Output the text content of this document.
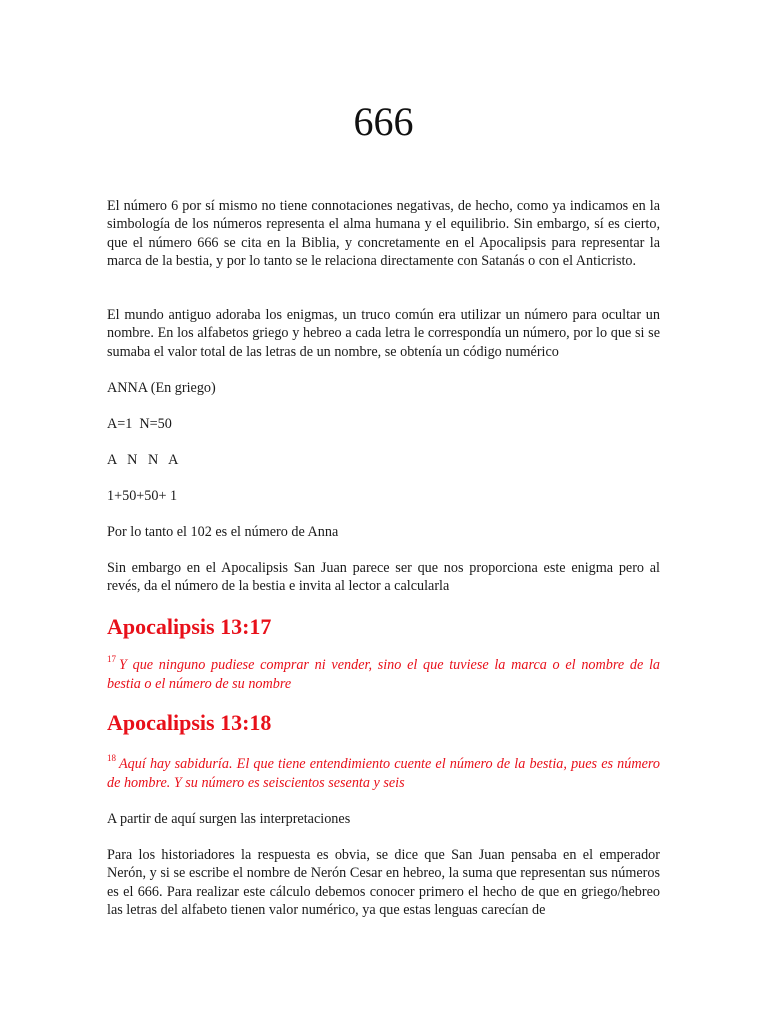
666

El número 6 por sí mismo no tiene connotaciones negativas, de hecho, como ya indicamos en la simbología de los números representa el alma humana y el equilibrio. Sin embargo, sí es cierto, que el número 666 se cita en la Biblia, y concretamente en el Apocalipsis para representar la marca de la bestia, y por lo tanto se le relaciona directamente con Satanás o con el Anticristo.

El mundo antiguo adoraba los enigmas, un truco común era utilizar un número para ocultar un nombre. En los alfabetos griego y hebreo a cada letra le correspondía un número, por lo que si se sumaba el valor total de las letras de un nombre, se obtenía un código numérico

ANNA (En griego)

A=1  N=50

A   N   N   A

1+50+50+ 1

Por lo tanto el 102 es el número de Anna

Sin embargo en el Apocalipsis San Juan parece ser que nos proporciona este enigma pero al revés, da el número de la bestia e invita al lector a calcularla

Apocalipsis 13:17

$^{17}$ Y que ninguno pudiese comprar ni vender, sino el que tuviese la marca o el nombre de la bestia o el número de su nombre

Apocalipsis 13:18

$^{18}$ Aquí hay sabiduría. El que tiene entendimiento cuente el número de la bestia, pues es número de hombre. Y su número es seiscientos sesenta y seis

A partir de aquí surgen las interpretaciones

Para los historiadores la respuesta es obvia, se dice que San Juan pensaba en el emperador Nerón, y si se escribe el nombre de Nerón Cesar en hebreo, la suma que representan sus números es el 666. Para realizar este cálculo debemos conocer primero el hecho de que en griego/hebreo las letras del alfabeto tienen valor numérico, ya que estas lenguas carecían de
